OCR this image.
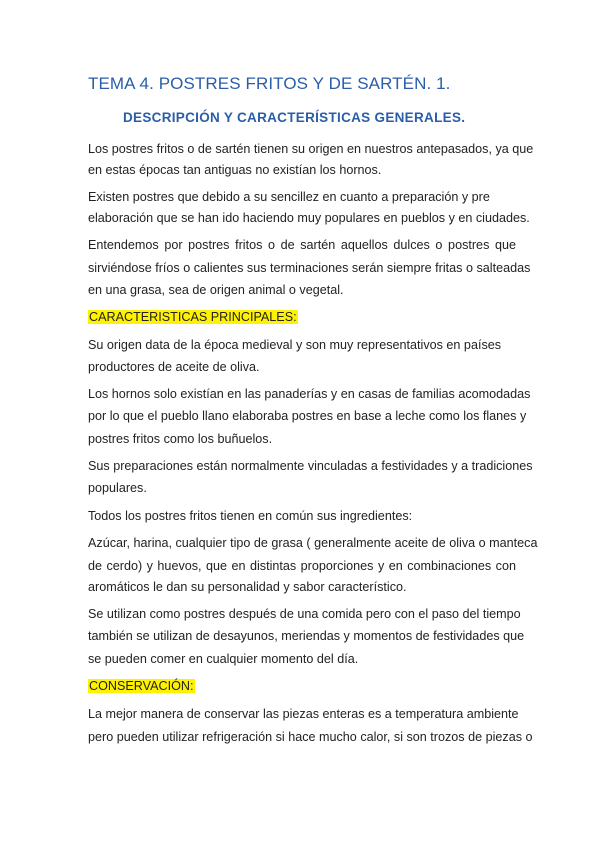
TEMA 4. POSTRES FRITOS Y DE SARTÉN. 1.
DESCRIPCIÓN Y CARACTERÍSTICAS GENERALES.
Los postres fritos o de sartén tienen su origen en nuestros antepasados, ya que
en estas épocas tan antiguas no existían los hornos.
Existen postres que debido a su sencillez en cuanto a preparación y pre
elaboración que se han ido haciendo muy populares en pueblos y en ciudades.
Entendemos por postres fritos o de sartén aquellos dulces o postres que
sirviéndose fríos o calientes sus terminaciones serán siempre fritas o salteadas
en una grasa, sea de origen animal o vegetal.
CARACTERISTICAS PRINCIPALES:
Su origen data de la época medieval y son muy representativos en países
productores de aceite de oliva.
Los hornos solo existían en las panaderías y en casas de familias acomodadas
por lo que el pueblo llano elaboraba postres en base a leche como los flanes y
postres fritos como los buñuelos.
Sus preparaciones están normalmente vinculadas a festividades y a tradiciones
populares.
Todos los postres fritos tienen en común sus ingredientes:
Azúcar, harina, cualquier tipo de grasa ( generalmente aceite de oliva o manteca
de cerdo) y huevos, que en distintas proporciones y en combinaciones con
aromáticos le dan su personalidad y sabor característico.
Se utilizan como postres después de una comida pero con el paso del tiempo
también se utilizan de desayunos, meriendas y momentos de festividades que
se pueden comer en cualquier momento del día.
CONSERVACIÓN:
La mejor manera de conservar las piezas enteras es a temperatura ambiente
pero pueden utilizar refrigeración si hace mucho calor, si son trozos de piezas o
